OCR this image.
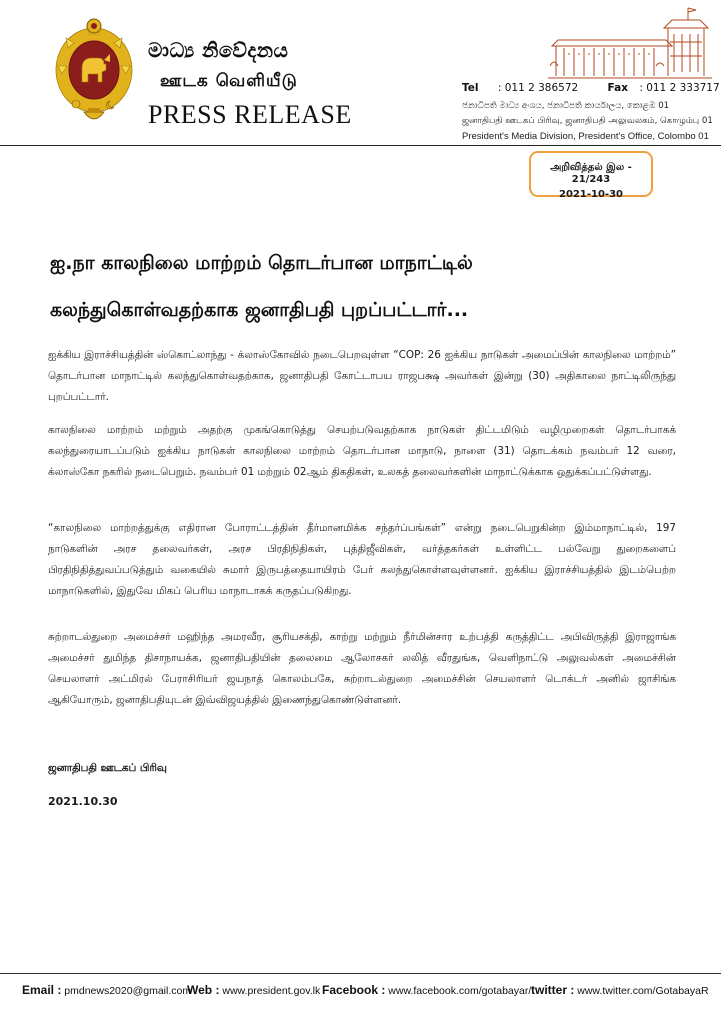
මාධ්‍ය නිවේදනය
ஊடக வெளியீடு
PRESS RELEASE
Tel : 011 2 386572	Fax : 011 2 333717
ජනාධිපති මාධ්‍ය අංශය, ජනාධිපති කාර්යාලය, කොළඹ 01
ஜனாதிபதி ஊடகப் பிரிவு, ஜனாதிபதி அலுவலகம், கொழும்பு 01
President's Media Division, President's Office, Colombo 01
அறிவித்தல் இல - 21/243
2021-10-30
ஐ.நா காலநிலை மாற்றம் தொடர்பான மாநாட்டில்
கலந்துகொள்வதற்காக ஜனாதிபதி புறப்பட்டார்...

ஐக்கிய இராச்சியத்தின் ஸ்கொட்லாந்து - க்லாஸ்கோவில் நடைபெறவுள்ள “COP: 26 ஐக்கிய நாடுகள் அமைப்பின் காலநிலை மாற்றம்” தொடர்பான மாநாட்டில் கலந்துகொள்வதற்காக, ஜனாதிபதி கோட்டாபய ராஜபக்ஷ அவர்கள் இன்று (30) அதிகாலை நாட்டிலிருந்து புறப்பட்டார்.

காலநிலை மாற்றம் மற்றும் அதற்கு முகங்கொடுத்து செயற்படுவதற்காக நாடுகள் திட்டமிடும் வழிமுறைகள் தொடர்பாகக் கலந்துரையாடப்படும் ஐக்கிய நாடுகள் காலநிலை மாற்றம் தொடர்பான மாநாடு, நாளை (31) தொடக்கம் நவம்பர் 12 வரை, க்லாஸ்கோ நகரில் நடைபெறும். நவம்பர் 01 மற்றும் 02ஆம் திகதிகள், உலகத் தலைவர்களின் மாநாட்டுக்காக ஒதுக்கப்பட்டுள்ளது.

“காலநிலை மாற்றத்துக்கு எதிரான போராட்டத்தின் தீர்மானமிக்க சந்தர்ப்பங்கள்” என்று நடைபெறுகின்ற இம்மாநாட்டில், 197 நாடுகளின் அரச தலைவர்கள், அரச பிரதிநிதிகள், புத்திஜீவிகள், வர்த்தகர்கள் உள்ளிட்ட பல்வேறு துறைகளைப் பிரதிநிதித்துவப்படுத்தும் வகையில் சுமார் இருபத்தையாயிரம் பேர் கலந்துகொள்ளவுள்ளனர். ஐக்கிய இராச்சியத்தில் இடம்பெற்ற மாநாடுகளில், இதுவே மிகப் பெரிய மாநாடாகக் கருதப்படுகிறது.

சுற்றாடல்துறை அமைச்சர் மஹிந்த அமரவீர, சூரியசக்தி, காற்று மற்றும் நீர்மின்சார உற்பத்தி கருத்திட்ட அபிவிருத்தி இராஜாங்க அமைச்சர் துமிந்த திசாநாயக்க, ஜனாதிபதியின் தலைமை ஆலோசகர் லலித் வீரதுங்க, வெளிநாட்டு அலுவல்கள் அமைச்சின் செயலாளர் அட்மிரல் பேராசிரியர் ஜயநாத் கொலம்பகே, சுற்றாடல்துறை அமைச்சின் செயலாளர் டொக்டர் அனில் ஜாசிங்க ஆகியோரும், ஜனாதிபதியுடன் இவ்விஜயத்தில் இணைந்துகொண்டுள்ளனர்.

ஜனாதிபதி ஊடகப் பிரிவு
2021.10.30
Email : pmdnews2020@gmail.com
Web : www.president.gov.lk Facebook : www.facebook.com/gotabayar/ twitter : www.twitter.com/GotabayaR
